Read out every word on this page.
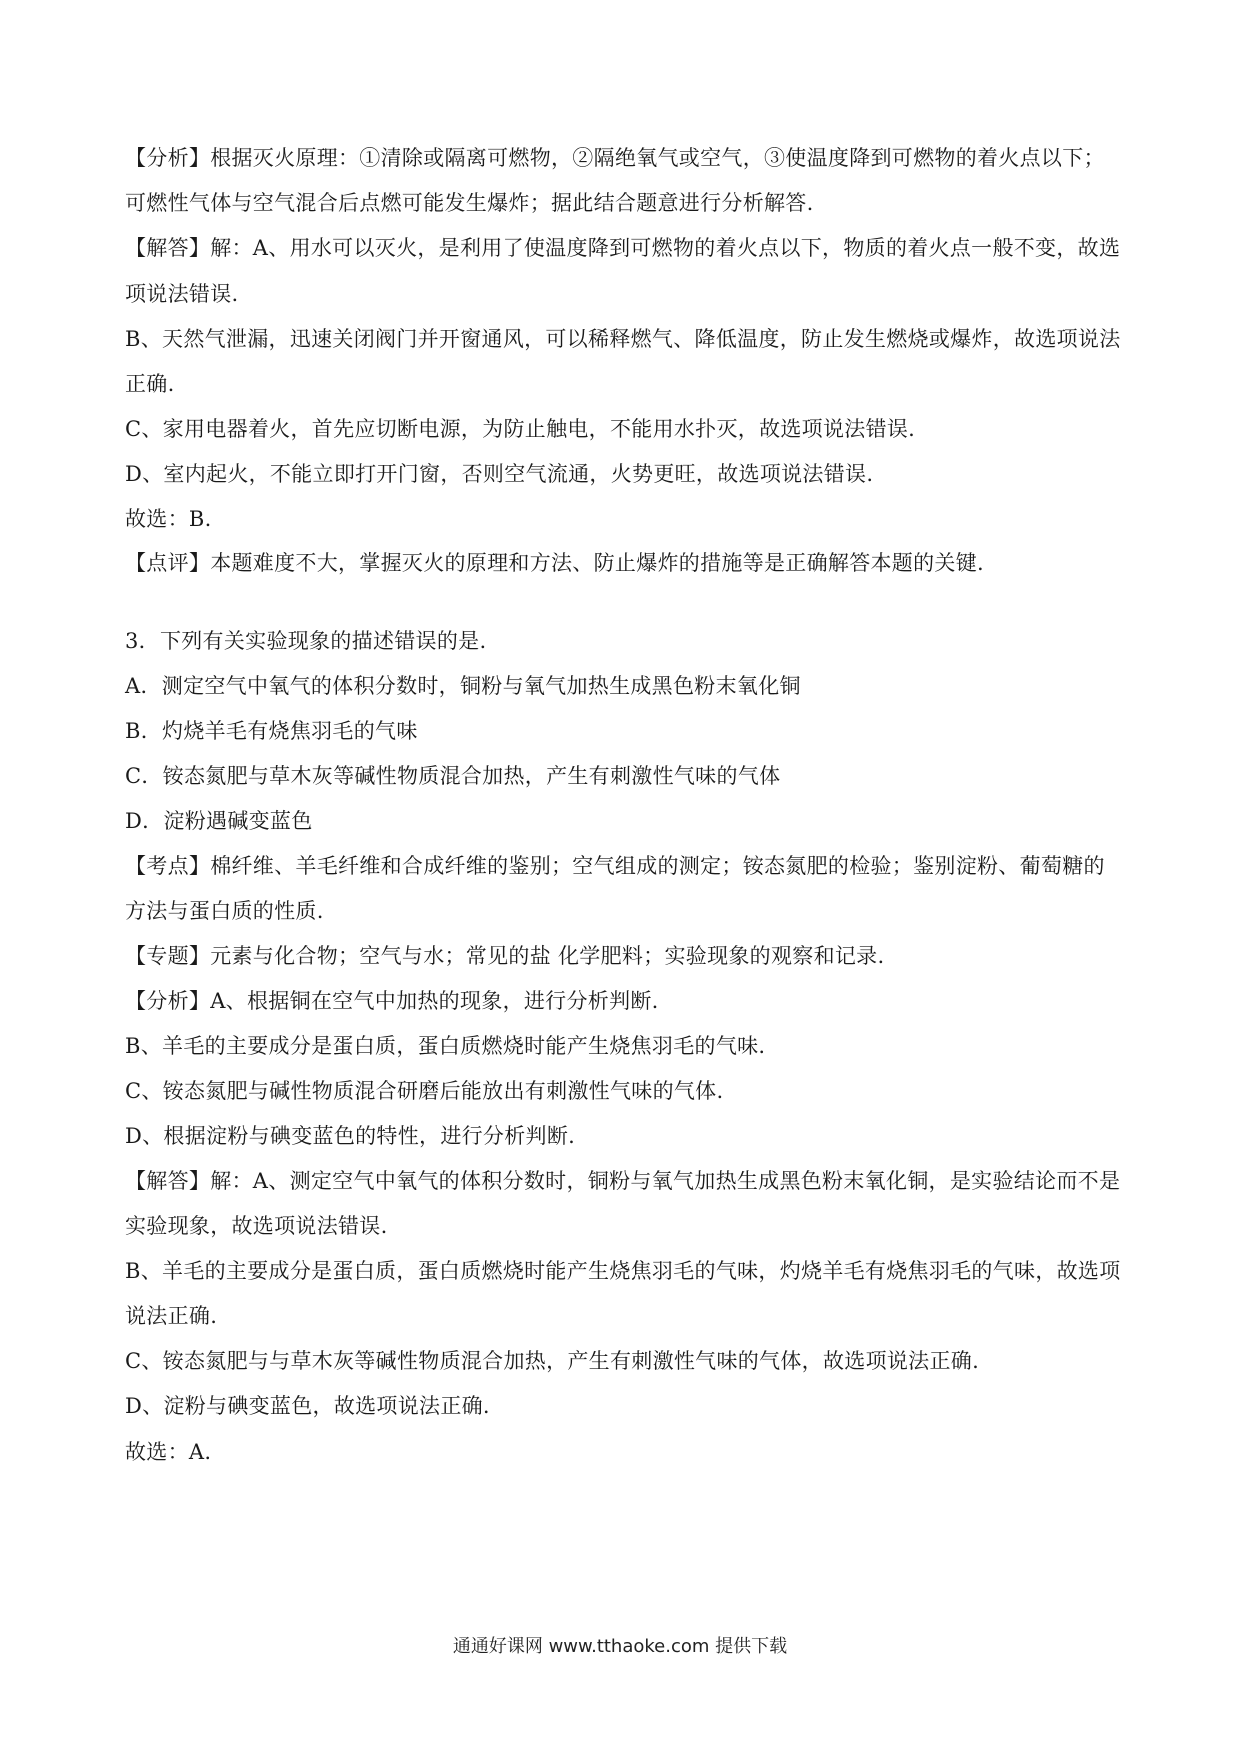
【分析】根据灭火原理：①清除或隔离可燃物，②隔绝氧气或空气，③使温度降到可燃物的着火点以下；
可燃性气体与空气混合后点燃可能发生爆炸；据此结合题意进行分析解答.
【解答】解：A、用水可以灭火，是利用了使温度降到可燃物的着火点以下，物质的着火点一般不变，故选
项说法错误.
B、天然气泄漏，迅速关闭阀门并开窗通风，可以稀释燃气、降低温度，防止发生燃烧或爆炸，故选项说法
正确.
C、家用电器着火，首先应切断电源，为防止触电，不能用水扑灭，故选项说法错误.
D、室内起火，不能立即打开门窗，否则空气流通，火势更旺，故选项说法错误.
故选：B.
【点评】本题难度不大，掌握灭火的原理和方法、防止爆炸的措施等是正确解答本题的关键.
3．下列有关实验现象的描述错误的是.
A．测定空气中氧气的体积分数时，铜粉与氧气加热生成黑色粉末氧化铜
B．灼烧羊毛有烧焦羽毛的气味
C．铵态氮肥与草木灰等碱性物质混合加热，产生有刺激性气味的气体
D．淀粉遇碱变蓝色
【考点】棉纤维、羊毛纤维和合成纤维的鉴别；空气组成的测定；铵态氮肥的检验；鉴别淀粉、葡萄糖的
方法与蛋白质的性质.
【专题】元素与化合物；空气与水；常见的盐 化学肥料；实验现象的观察和记录.
【分析】A、根据铜在空气中加热的现象，进行分析判断.
B、羊毛的主要成分是蛋白质，蛋白质燃烧时能产生烧焦羽毛的气味.
C、铵态氮肥与碱性物质混合研磨后能放出有刺激性气味的气体.
D、根据淀粉与碘变蓝色的特性，进行分析判断.
【解答】解：A、测定空气中氧气的体积分数时，铜粉与氧气加热生成黑色粉末氧化铜，是实验结论而不是
实验现象，故选项说法错误.
B、羊毛的主要成分是蛋白质，蛋白质燃烧时能产生烧焦羽毛的气味，灼烧羊毛有烧焦羽毛的气味，故选项
说法正确.
C、铵态氮肥与与草木灰等碱性物质混合加热，产生有刺激性气味的气体，故选项说法正确.
D、淀粉与碘变蓝色，故选项说法正确.
故选：A.
通通好课网 www.tthaoke.com 提供下载
